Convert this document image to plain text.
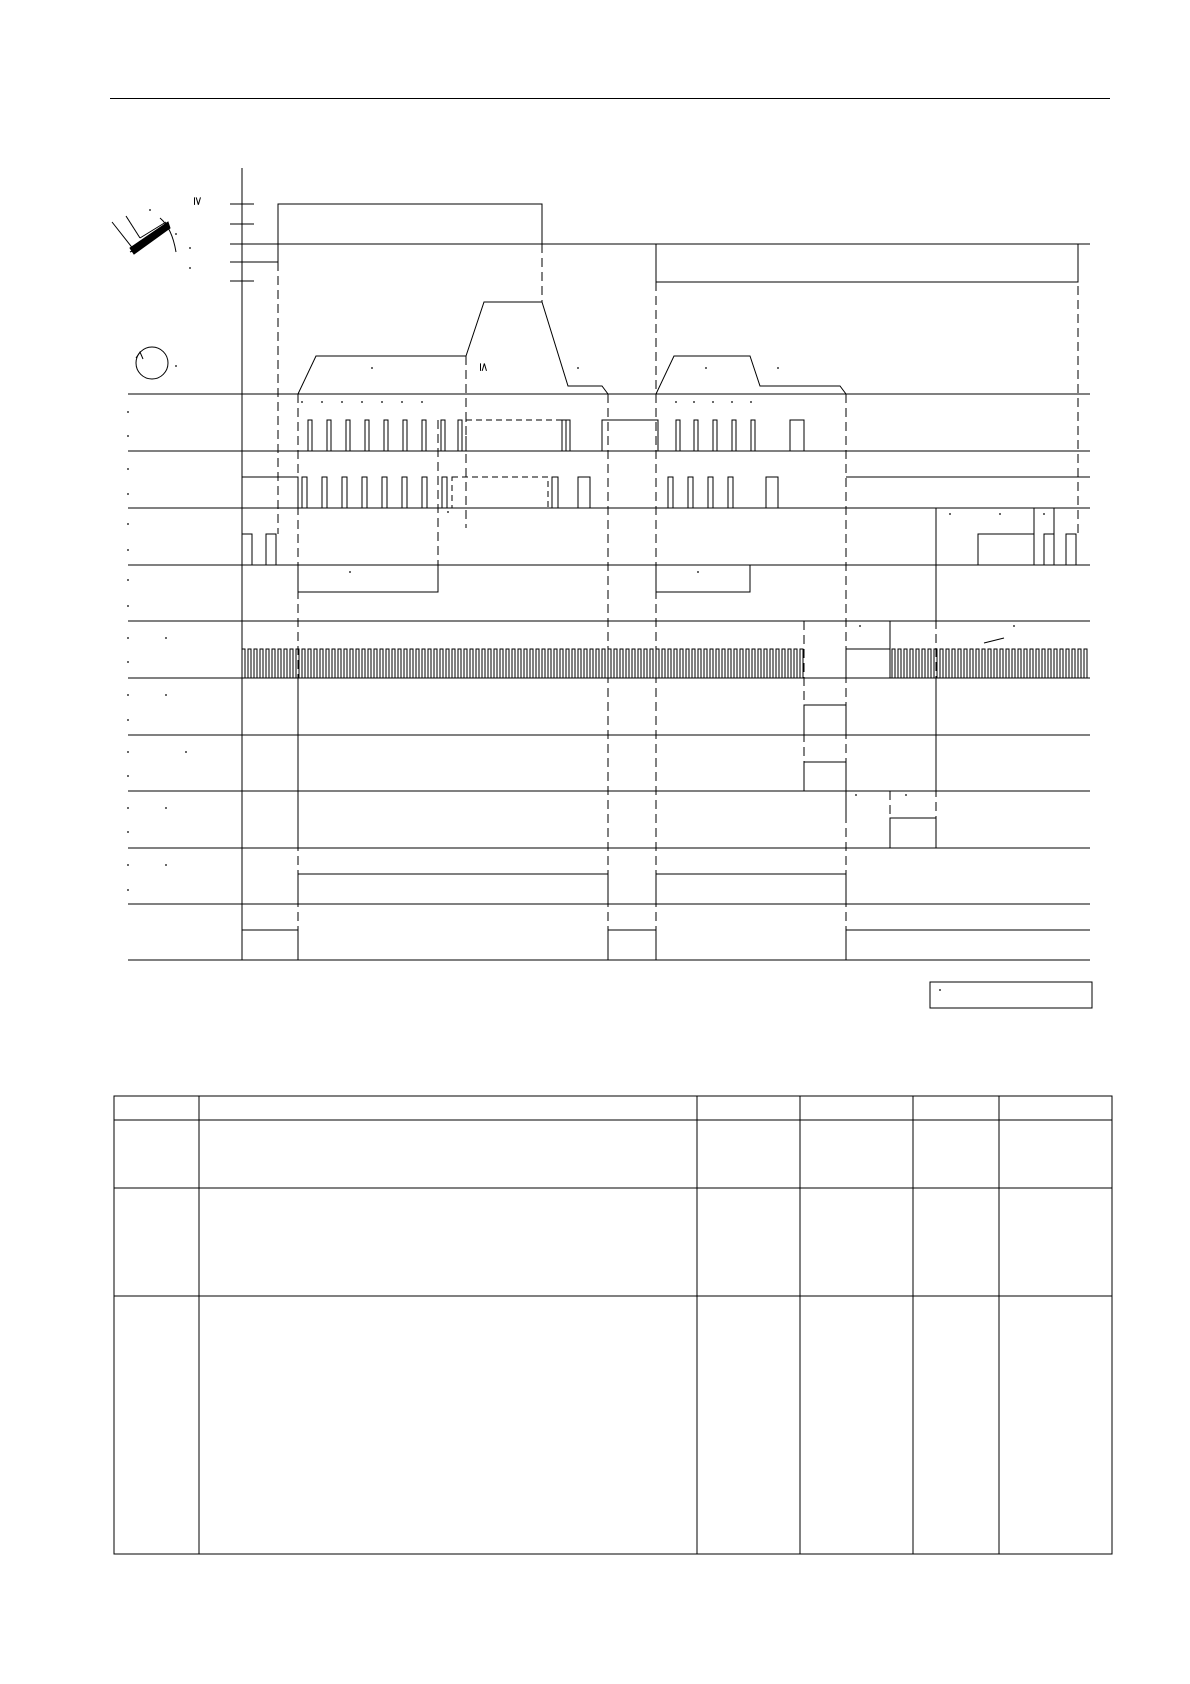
≥
≤
